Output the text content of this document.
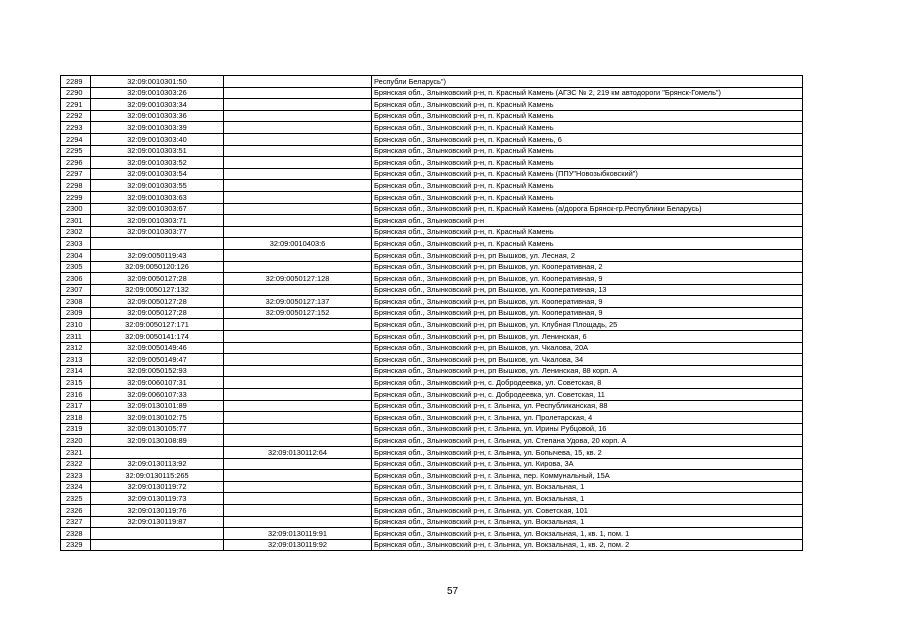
2289	32:09:0010301:50		Республи Беларусь")
2290	32:09:0010303:26		Брянская обл., Злынковский р-н, п. Красный Камень (АГЗС № 2, 219 км автодороги "Брянск-Гомель")
2291	32:09:0010303:34		Брянская обл., Злынковский р-н, п. Красный Камень
2292	32:09:0010303:36		Брянская обл., Злынковский р-н, п. Красный Камень
2293	32:09:0010303:39		Брянская обл., Злынковский р-н, п. Красный Камень
2294	32:09:0010303:40		Брянская обл., Злынковский р-н, п. Красный Камень, 6
2295	32:09:0010303:51		Брянская обл., Злынковский р-н, п. Красный Камень
2296	32:09:0010303:52		Брянская обл., Злынковский р-н, п. Красный Камень
2297	32:09:0010303:54		Брянская обл., Злынковский р-н, п. Красный Камень (ППУ"Новозыбковский")
2298	32:09:0010303:55		Брянская обл., Злынковский р-н, п. Красный Камень
2299	32:09:0010303:63		Брянская обл., Злынковский р-н, п. Красный Камень
2300	32:09:0010303:67		Брянская обл., Злынковский р-н, п. Красный Камень (а/дорога Брянск-гр.Республики Беларусь)
2301	32:09:0010303:71		Брянская обл., Злынковский р-н
2302	32:09:0010303:77		Брянская обл., Злынковский р-н, п. Красный Камень
2303		32:09:0010403:6	Брянская обл., Злынковский р-н, п. Красный Камень
2304	32:09:0050119:43		Брянская обл., Злынковский р-н, рп Вышков, ул. Лесная, 2
2305	32:09:0050120:126		Брянская обл., Злынковский р-н, рп Вышков, ул. Кооперативная, 2
2306	32:09:0050127:28	32:09:0050127:128	Брянская обл., Злынковский р-н, рп Вышков, ул. Кооперативная, 9
2307	32:09:0050127:132		Брянская обл., Злынковский р-н, рп Вышков, ул. Кооперативная, 13
2308	32:09:0050127:28	32:09:0050127:137	Брянская обл., Злынковский р-н, рп Вышков, ул. Кооперативная, 9
2309	32:09:0050127:28	32:09:0050127:152	Брянская обл., Злынковский р-н, рп Вышков, ул. Кооперативная, 9
2310	32:09:0050127:171		Брянская обл., Злынковский р-н, рп Вышков, ул. Клубная Площадь, 25
2311	32:09:0050141:174		Брянская обл., Злынковский р-н, рп Вышков, ул. Ленинская, 6
2312	32:09:0050149:46		Брянская обл., Злынковский р-н, рп Вышков, ул. Чкалова, 20А
2313	32:09:0050149:47		Брянская обл., Злынковский р-н, рп Вышков, ул. Чкалова, 34
2314	32:09:0050152:93		Брянская обл., Злынковский р-н, рп Вышков, ул. Ленинская, 88 корп. А
2315	32:09:0060107:31		Брянская обл., Злынковский р-н, с. Добродеевка, ул. Советская, 8
2316	32:09:0060107:33		Брянская обл., Злынковский р-н, с. Добродеевка, ул. Советская, 11
2317	32:09:0130101:89		Брянская обл., Злынковский р-н, г. Злынка, ул. Республиканская, 88
2318	32:09:0130102:75		Брянская обл., Злынковский р-н, г. Злынка, ул. Пролетарская, 4
2319	32:09:0130105:77		Брянская обл., Злынковский р-н, г. Злынка, ул. Ирины Рубцовой, 16
2320	32:09:0130108:89		Брянская обл., Злынковский р-н, г. Злынка, ул. Степана Удова, 20 корп. А
2321		32:09:0130112:64	Брянская обл., Злынковский р-н, г. Злынка, ул. Бопычева, 15, кв. 2
2322	32:09:0130113:92		Брянская обл., Злынковский р-н, г. Злынка, ул. Кирова, 3А
2323	32:09:0130115:265		Брянская обл., Злынковский р-н, г. Злынка, пер. Коммунальный, 15А
2324	32:09:0130119:72		Брянская обл., Злынковский р-н, г. Злынка, ул. Вокзальная, 1
2325	32:09:0130119:73		Брянская обл., Злынковский р-н, г. Злынка, ул. Вокзальная, 1
2326	32:09:0130119:76		Брянская обл., Злынковский р-н, г. Злынка, ул. Советская, 101
2327	32:09:0130119:87		Брянская обл., Злынковский р-н, г. Злынка, ул. Вокзальная, 1
2328		32:09:0130119:91	Брянская обл., Злынковский р-н, г. Злынка, ул. Вокзальная, 1, кв. 1, пом. 1
2329		32:09:0130119:92	Брянская обл., Злынковский р-н, г. Злынка, ул. Вокзальная, 1, кв. 2, пом. 2
57
